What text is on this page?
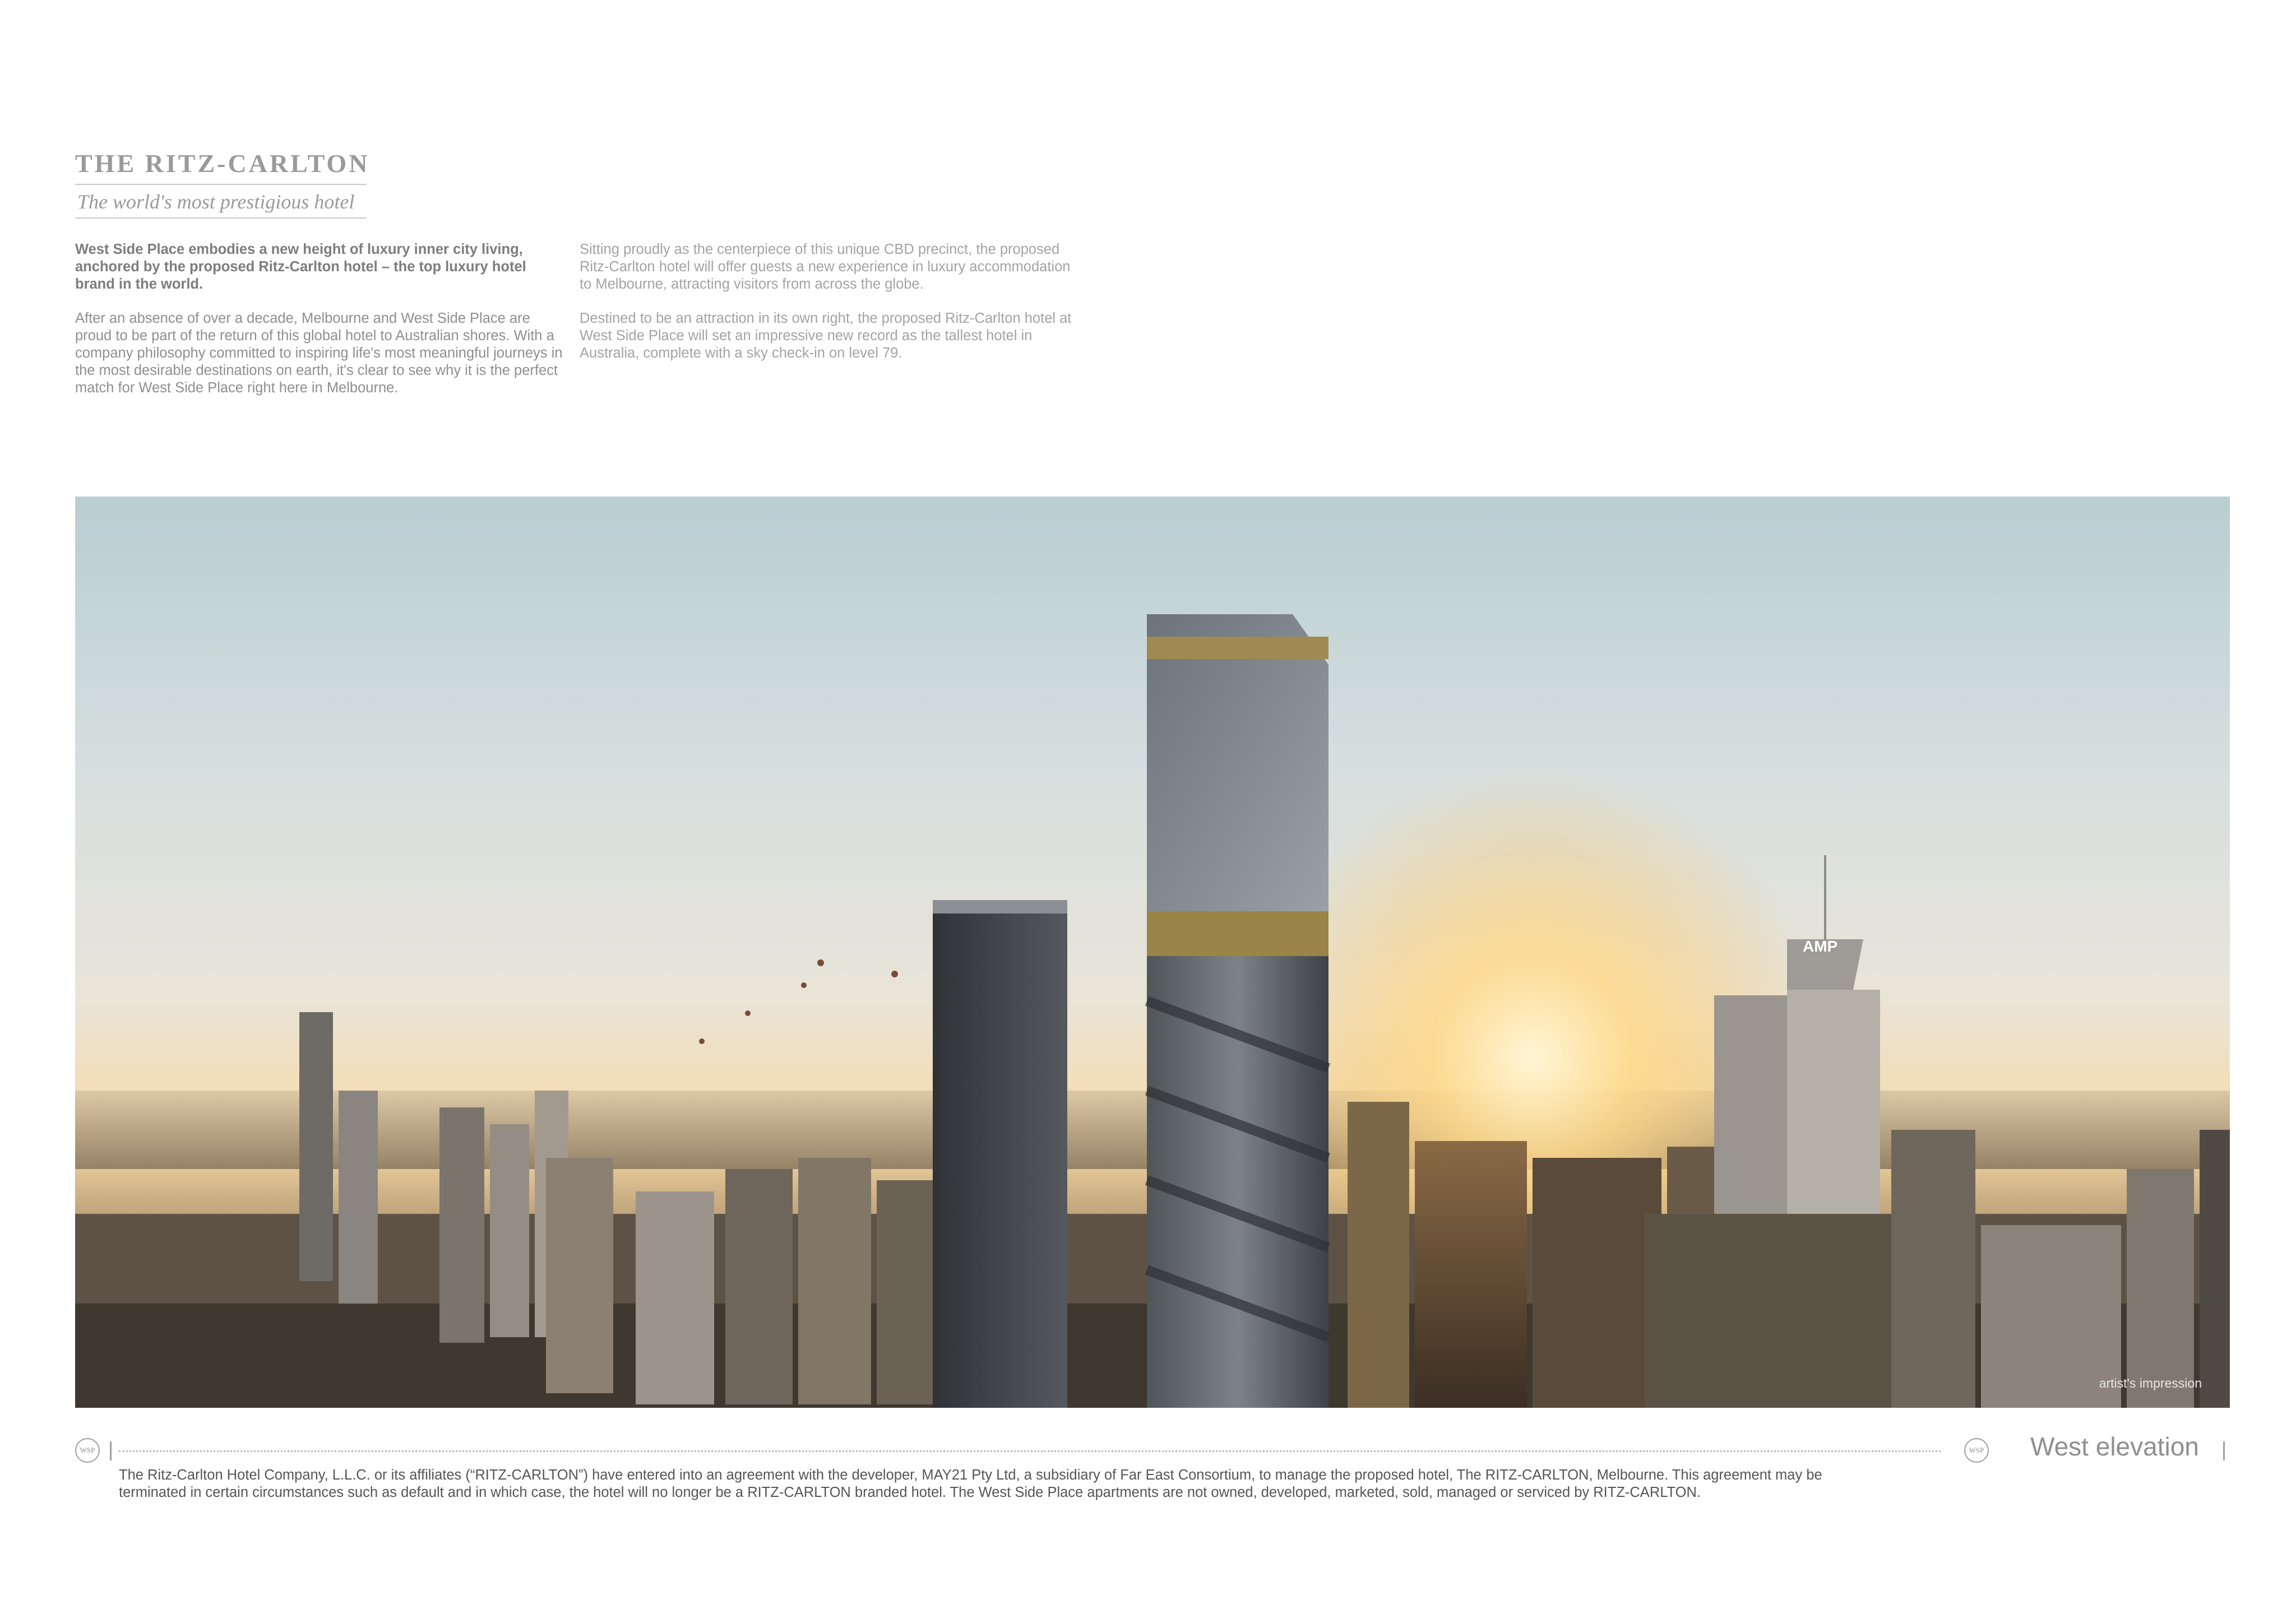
THE RITZ-CARLTON
The world's most prestigious hotel

West Side Place embodies a new height of luxury inner city living, anchored by the proposed Ritz-Carlton hotel – the top luxury hotel brand in the world.

After an absence of over a decade, Melbourne and West Side Place are proud to be part of the return of this global hotel to Australian shores. With a company philosophy committed to inspiring life's most meaningful journeys in the most desirable destinations on earth, it's clear to see why it is the perfect match for West Side Place right here in Melbourne.

Sitting proudly as the centerpiece of this unique CBD precinct, the proposed Ritz-Carlton hotel will offer guests a new experience in luxury accommodation to Melbourne, attracting visitors from across the globe.

Destined to be an attraction in its own right, the proposed Ritz-Carlton hotel at West Side Place will set an impressive new record as the tallest hotel in Australia, complete with a sky check-in on level 79.

AMP
artist's impression
WSP	WSP West elevation
The Ritz-Carlton Hotel Company, L.L.C. or its affiliates (“RITZ-CARLTON”) have entered into an agreement with the developer, MAY21 Pty Ltd, a subsidiary of Far East Consortium, to manage the proposed hotel, The RITZ-CARLTON, Melbourne. This agreement may be terminated in certain circumstances such as default and in which case, the hotel will no longer be a RITZ-CARLTON branded hotel. The West Side Place apartments are not owned, developed, marketed, sold, managed or serviced by RITZ-CARLTON.
